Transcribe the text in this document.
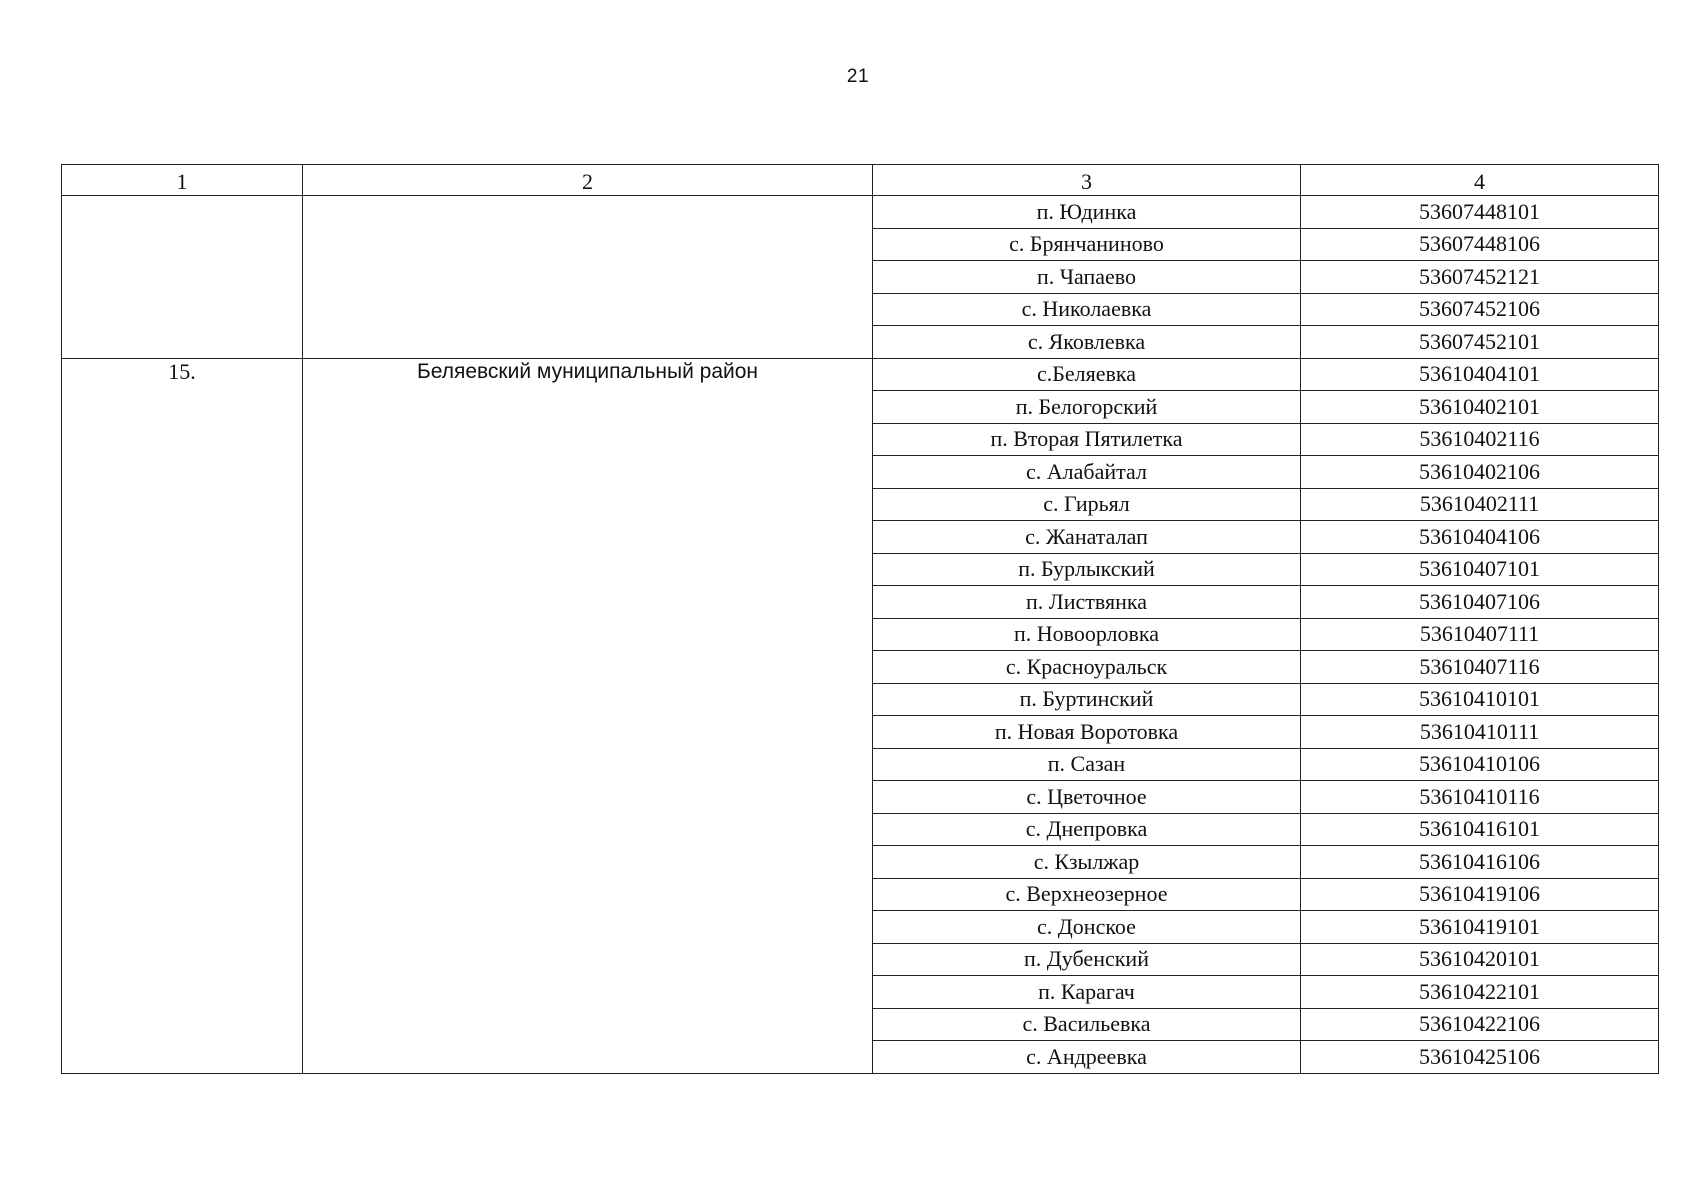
21
1	2	3	4
		п. Юдинка	53607448101
		с. Брянчаниново	53607448106
		п. Чапаево	53607452121
		с. Николаевка	53607452106
		с. Яковлевка	53607452101
15.	Беляевский муниципальный район	с.Беляевка	53610404101
		п. Белогорский	53610402101
		п. Вторая Пятилетка	53610402116
		с. Алабайтал	53610402106
		с. Гирьял	53610402111
		с. Жанаталап	53610404106
		п. Бурлыкский	53610407101
		п. Листвянка	53610407106
		п. Новоорловка	53610407111
		с. Красноуральск	53610407116
		п. Буртинский	53610410101
		п. Новая Воротовка	53610410111
		п. Сазан	53610410106
		с. Цветочное	53610410116
		с. Днепровка	53610416101
		с. Кзылжар	53610416106
		с. Верхнеозерное	53610419106
		с. Донское	53610419101
		п. Дубенский	53610420101
		п. Карагач	53610422101
		с. Васильевка	53610422106
		с. Андреевка	53610425106
